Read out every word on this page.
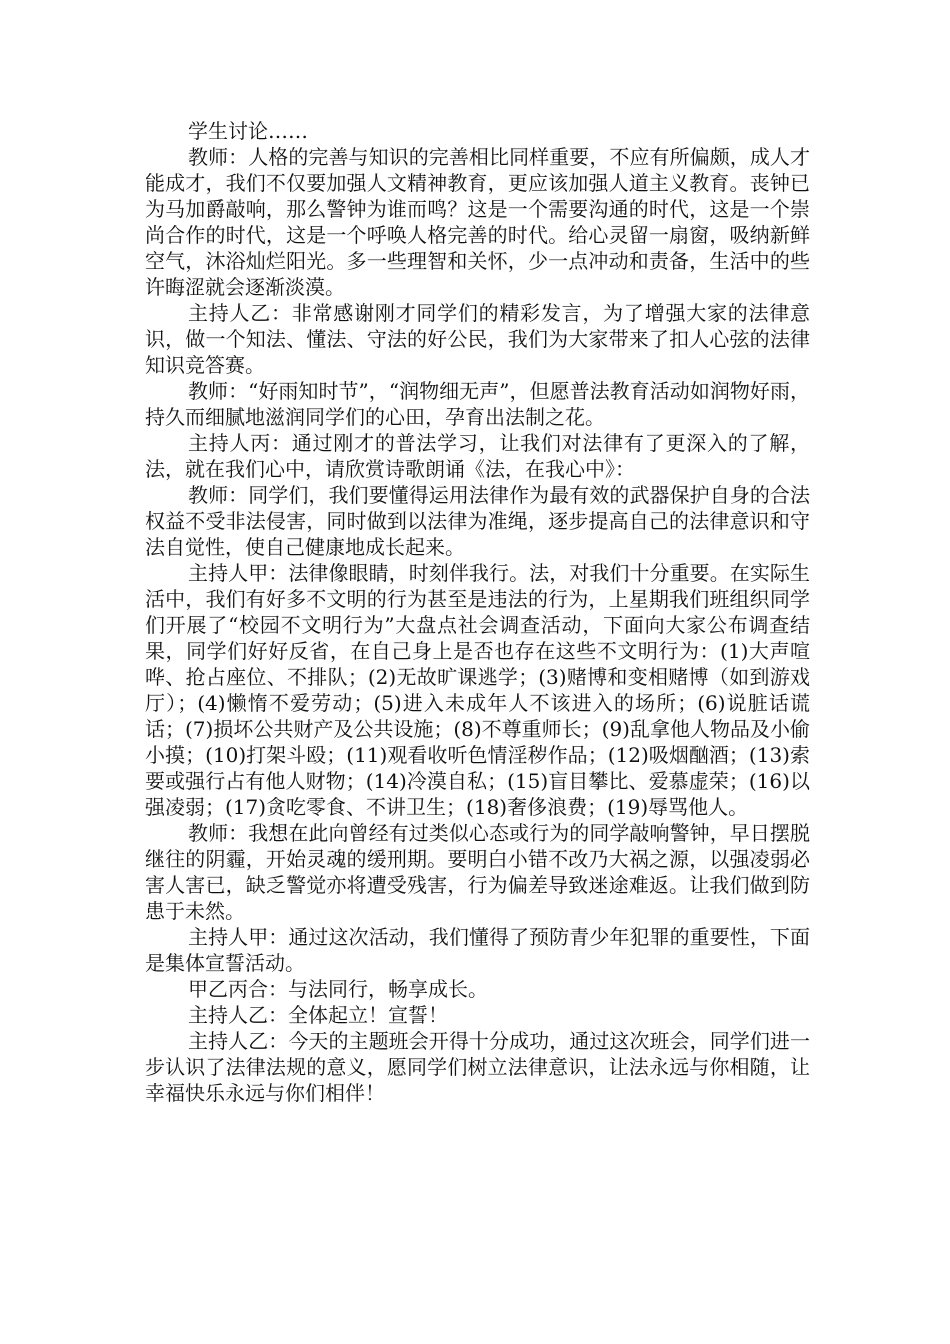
学生讨论……

教师：人格的完善与知识的完善相比同样重要，不应有所偏颇，成人才能成才，我们不仅要加强人文精神教育，更应该加强人道主义教育。丧钟已为马加爵敲响，那么警钟为谁而鸣？这是一个需要沟通的时代，这是一个崇尚合作的时代，这是一个呼唤人格完善的时代。给心灵留一扇窗，吸纳新鲜空气，沐浴灿烂阳光。多一些理智和关怀，少一点冲动和责备，生活中的些许晦涩就会逐渐淡漠。

主持人乙：非常感谢刚才同学们的精彩发言，为了增强大家的法律意识，做一个知法、懂法、守法的好公民，我们为大家带来了扣人心弦的法律知识竞答赛。

教师：“好雨知时节”，“润物细无声”，但愿普法教育活动如润物好雨，持久而细腻地滋润同学们的心田，孕育出法制之花。

主持人丙：通过刚才的普法学习，让我们对法律有了更深入的了解，法，就在我们心中，请欣赏诗歌朗诵《法，在我心中》：

教师：同学们，我们要懂得运用法律作为最有效的武器保护自身的合法权益不受非法侵害，同时做到以法律为准绳，逐步提高自己的法律意识和守法自觉性，使自己健康地成长起来。

主持人甲：法律像眼睛，时刻伴我行。法，对我们十分重要。在实际生活中，我们有好多不文明的行为甚至是违法的行为，上星期我们班组织同学们开展了“校园不文明行为”大盘点社会调查活动，下面向大家公布调查结果，同学们好好反省，在自己身上是否也存在这些不文明行为：(1)大声喧哗、抢占座位、不排队；(2)无故旷课逃学；(3)赌博和变相赌博（如到游戏厅）；(4)懒惰不爱劳动；(5)进入未成年人不该进入的场所；(6)说脏话谎话；(7)损坏公共财产及公共设施；(8)不尊重师长；(9)乱拿他人物品及小偷小摸；(10)打架斗殴；(11)观看收听色情淫秽作品；(12)吸烟酗酒；(13)索要或强行占有他人财物；(14)冷漠自私；(15)盲目攀比、爱慕虚荣；(16)以强凌弱；(17)贪吃零食、不讲卫生；(18)奢侈浪费；(19)辱骂他人。

教师：我想在此向曾经有过类似心态或行为的同学敲响警钟，早日摆脱继往的阴霾，开始灵魂的缓刑期。要明白小错不改乃大祸之源，以强凌弱必害人害已，缺乏警觉亦将遭受残害，行为偏差导致迷途难返。让我们做到防患于未然。

主持人甲：通过这次活动，我们懂得了预防青少年犯罪的重要性，下面是集体宣誓活动。

甲乙丙合：与法同行，畅享成长。

主持人乙：全体起立！宣誓！

主持人乙：今天的主题班会开得十分成功，通过这次班会，同学们进一步认识了法律法规的意义，愿同学们树立法律意识，让法永远与你相随，让幸福快乐永远与你们相伴！
